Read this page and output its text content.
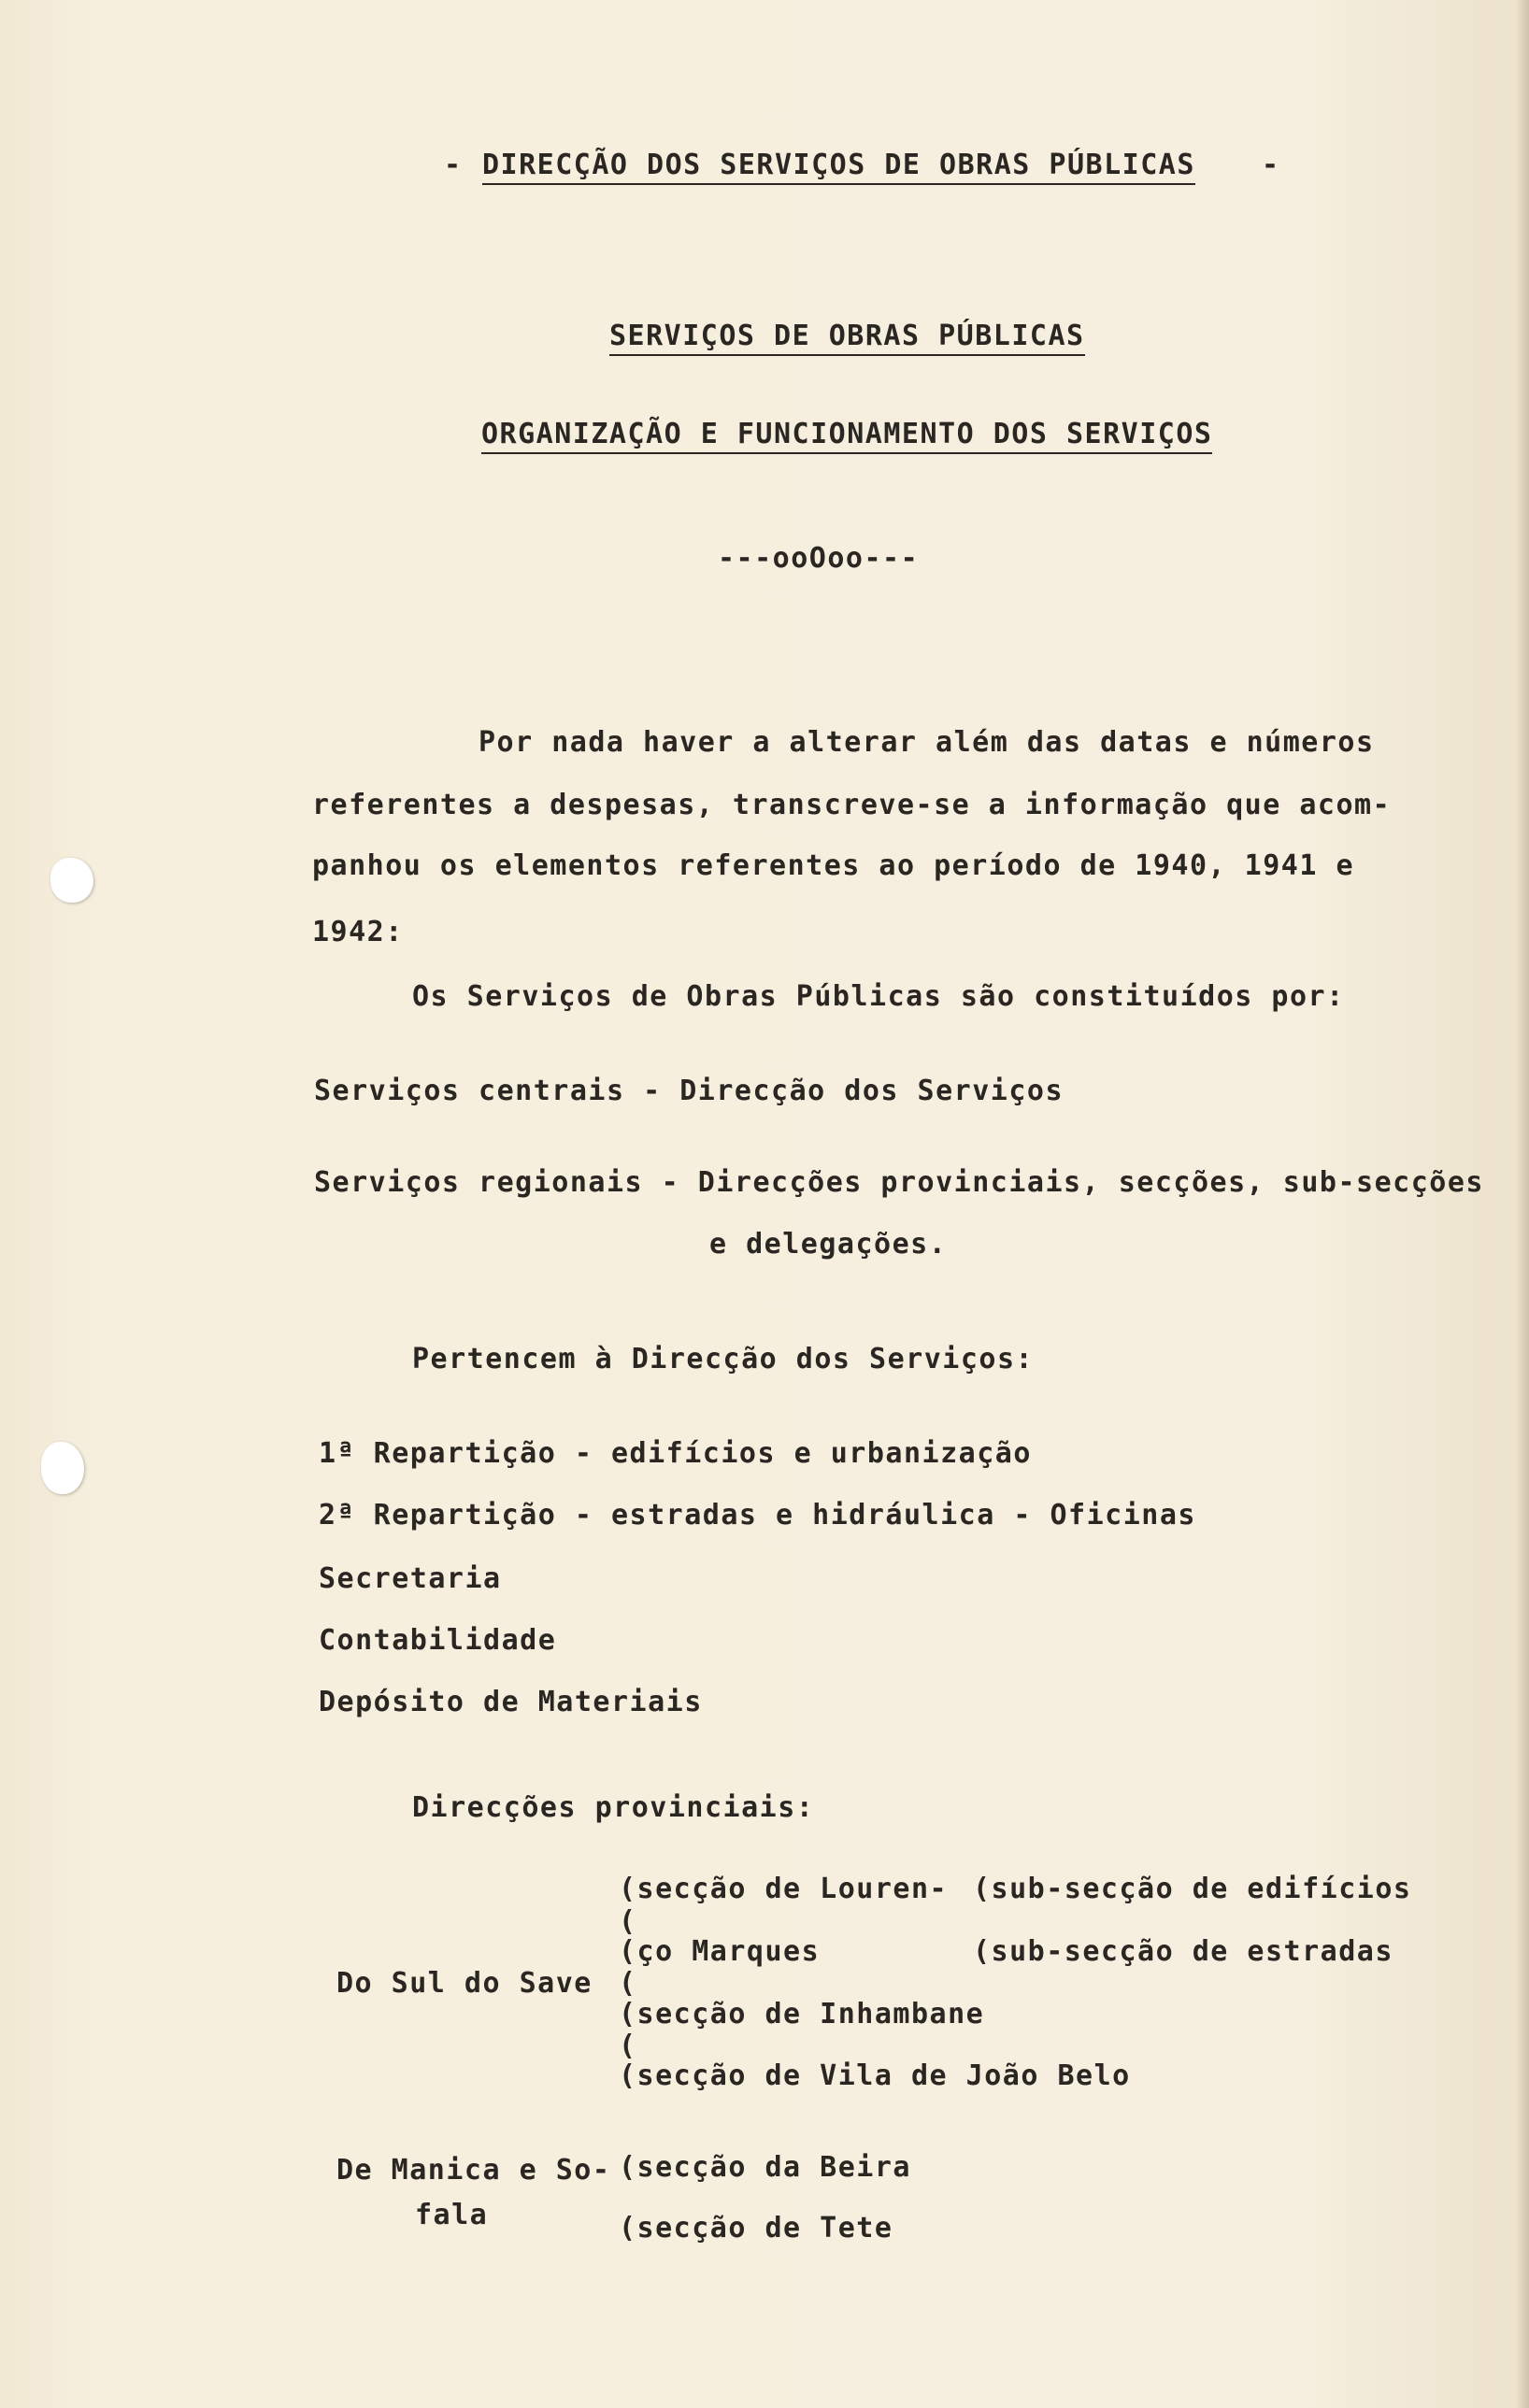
- DIRECÇÃO DOS SERVIÇOS DE OBRAS PÚBLICAS -
SERVIÇOS DE OBRAS PÚBLICAS
ORGANIZAÇÃO E FUNCIONAMENTO DOS SERVIÇOS
---ooOoo---
Por nada haver a alterar além das datas e números
referentes a despesas, transcreve-se a informação que acom-
panhou os elementos referentes ao período de 1940, 1941 e
1942:
Os Serviços de Obras Públicas são constituídos por:
Serviços centrais - Direcção dos Serviços
Serviços regionais - Direcções provinciais, secções, sub-secções
e delegações.
Pertencem à Direcção dos Serviços:
1ª Repartição - edifícios e urbanização
2ª Repartição - estradas e hidráulica - Oficinas
Secretaria
Contabilidade
Depósito de Materiais
Direcções provinciais:
Do Sul do Save
(secção de Louren-
(
(ço Marques
(
(secção de Inhambane
(
(secção de Vila de João Belo
(sub-secção de edifícios
(sub-secção de estradas
De Manica e So-
fala
(secção da Beira
(secção de Tete
